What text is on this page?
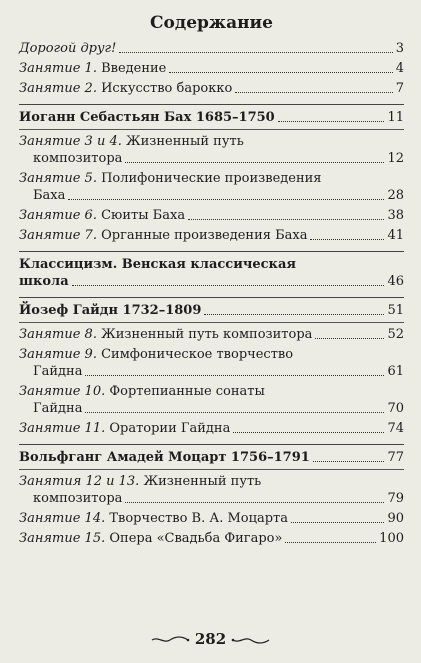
Содержание
Дорогой друг!	3
Занятие 1. Введение	4
Занятие 2. Искусство барокко	7
Иоганн Себастьян Бах 1685–1750	11
Занятие 3 и 4. Жизненный путь
композитора	12
Занятие 5. Полифонические произведения
Баха	28
Занятие 6. Сюиты Баха	38
Занятие 7. Органные произведения Баха	41
Классицизм. Венская классическая
школа	46
Йозеф Гайдн 1732–1809	51
Занятие 8. Жизненный путь композитора	52
Занятие 9. Симфоническое творчество
Гайдна	61
Занятие 10. Фортепианные сонаты
Гайдна	70
Занятие 11. Оратории Гайдна	74
Вольфганг Амадей Моцарт 1756–1791	77
Занятия 12 и 13. Жизненный путь
композитора	79
Занятие 14. Творчество В. А. Моцарта	90
Занятие 15. Опера «Свадьба Фигаро»	100
282
